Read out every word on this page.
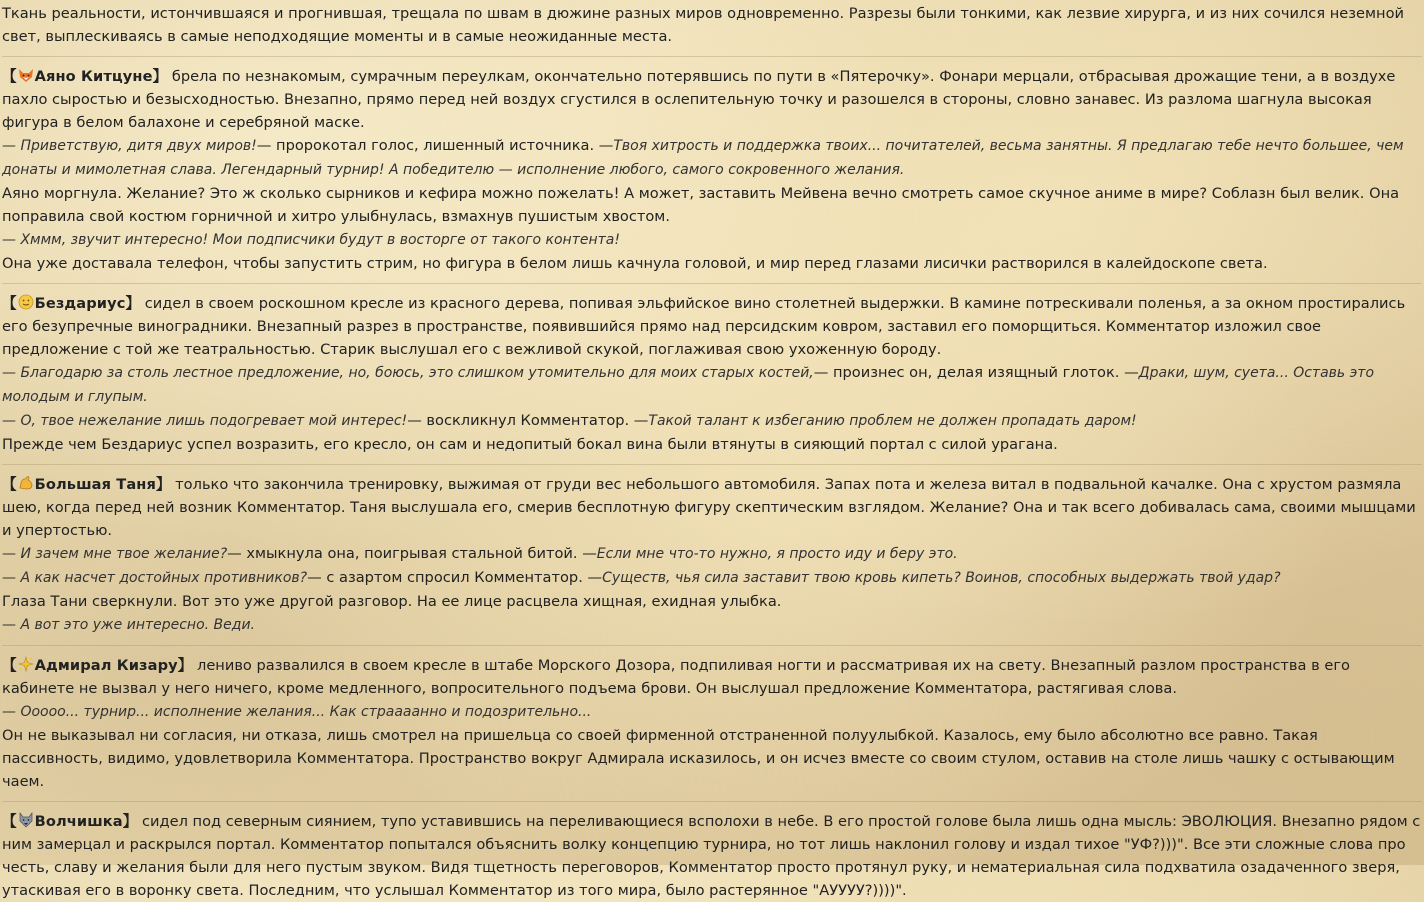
Ткань реальности, истончившаяся и прогнившая, трещала по швам в дюжине разных миров одновременно. Разрезы были тонкими, как лезвие хирурга, и из них сочился неземной свет, выплескиваясь в самые неподходящие моменты и в самые неожиданные места.

【 Аяно Китцуне】 брела по незнакомым, сумрачным переулкам, окончательно потерявшись по пути в «Пятерочку». Фонари мерцали, отбрасывая дрожащие тени, а в воздухе пахло сыростью и безысходностью. Внезапно, прямо перед ней воздух сгустился в ослепительную точку и разошелся в стороны, словно занавес. Из разлома шагнула высокая фигура в белом балахоне и серебряной маске.

— Приветствую, дитя двух миров!— пророкотал голос, лишенный источника. —Твоя хитрость и поддержка твоих... почитателей, весьма занятны. Я предлагаю тебе нечто большее, чем донаты и мимолетная слава. Легендарный турнир! А победителю — исполнение любого, самого сокровенного желания.

Аяно моргнула. Желание? Это ж сколько сырников и кефира можно пожелать! А может, заставить Мейвена вечно смотреть самое скучное аниме в мире? Соблазн был велик. Она поправила свой костюм горничной и хитро улыбнулась, взмахнув пушистым хвостом.

— Хммм, звучит интересно! Мои подписчики будут в восторге от такого контента!

Она уже доставала телефон, чтобы запустить стрим, но фигура в белом лишь качнула головой, и мир перед глазами лисички растворился в калейдоскопе света.

【 Бездариус】 сидел в своем роскошном кресле из красного дерева, попивая эльфийское вино столетней выдержки. В камине потрескивали поленья, а за окном простирались его безупречные виноградники. Внезапный разрез в пространстве, появившийся прямо над персидским ковром, заставил его поморщиться. Комментатор изложил свое предложение с той же театральностью. Старик выслушал его с вежливой скукой, поглаживая свою ухоженную бороду.

— Благодарю за столь лестное предложение, но, боюсь, это слишком утомительно для моих старых костей,— произнес он, делая изящный глоток. —Драки, шум, суета... Оставь это молодым и глупым.

— О, твое нежелание лишь подогревает мой интерес!— воскликнул Комментатор. —Такой талант к избеганию проблем не должен пропадать даром!

Прежде чем Бездариус успел возразить, его кресло, он сам и недопитый бокал вина были втянуты в сияющий портал с силой урагана.

【 Большая Таня】 только что закончила тренировку, выжимая от груди вес небольшого автомобиля. Запах пота и железа витал в подвальной качалке. Она с хрустом размяла шею, когда перед ней возник Комментатор. Таня выслушала его, смерив бесплотную фигуру скептическим взглядом. Желание? Она и так всего добивалась сама, своими мышцами и упертостью.

— И зачем мне твое желание?— хмыкнула она, поигрывая стальной битой. —Если мне что-то нужно, я просто иду и беру это.

— А как насчет достойных противников?— с азартом спросил Комментатор. —Существ, чья сила заставит твою кровь кипеть? Воинов, способных выдержать твой удар?

Глаза Тани сверкнули. Вот это уже другой разговор. На ее лице расцвела хищная, ехидная улыбка.

— А вот это уже интересно. Веди.

【 Адмирал Кизару】 лениво развалился в своем кресле в штабе Морского Дозора, подпиливая ногти и рассматривая их на свету. Внезапный разлом пространства в его кабинете не вызвал у него ничего, кроме медленного, вопросительного подъема брови. Он выслушал предложение Комментатора, растягивая слова.

— Ооооо... турнир... исполнение желания... Как страааанно и подозрительно...

Он не выказывал ни согласия, ни отказа, лишь смотрел на пришельца со своей фирменной отстраненной полуулыбкой. Казалось, ему было абсолютно все равно. Такая пассивность, видимо, удовлетворила Комментатора. Пространство вокруг Адмирала исказилось, и он исчез вместе со своим стулом, оставив на столе лишь чашку с остывающим чаем.

【 Волчишка】 сидел под северным сиянием, тупо уставившись на переливающиеся всполохи в небе. В его простой голове была лишь одна мысль: ЭВОЛЮЦИЯ. Внезапно рядом с ним замерцал и раскрылся портал. Комментатор попытался объяснить волку концепцию турнира, но тот лишь наклонил голову и издал тихое "УФ?)))". Все эти сложные слова про честь, славу и желания были для него пустым звуком. Видя тщетность переговоров, Комментатор просто протянул руку, и нематериальная сила подхватила озадаченного зверя, утаскивая его в воронку света. Последним, что услышал Комментатор из того мира, было растерянное "АУУУУ?))))".
